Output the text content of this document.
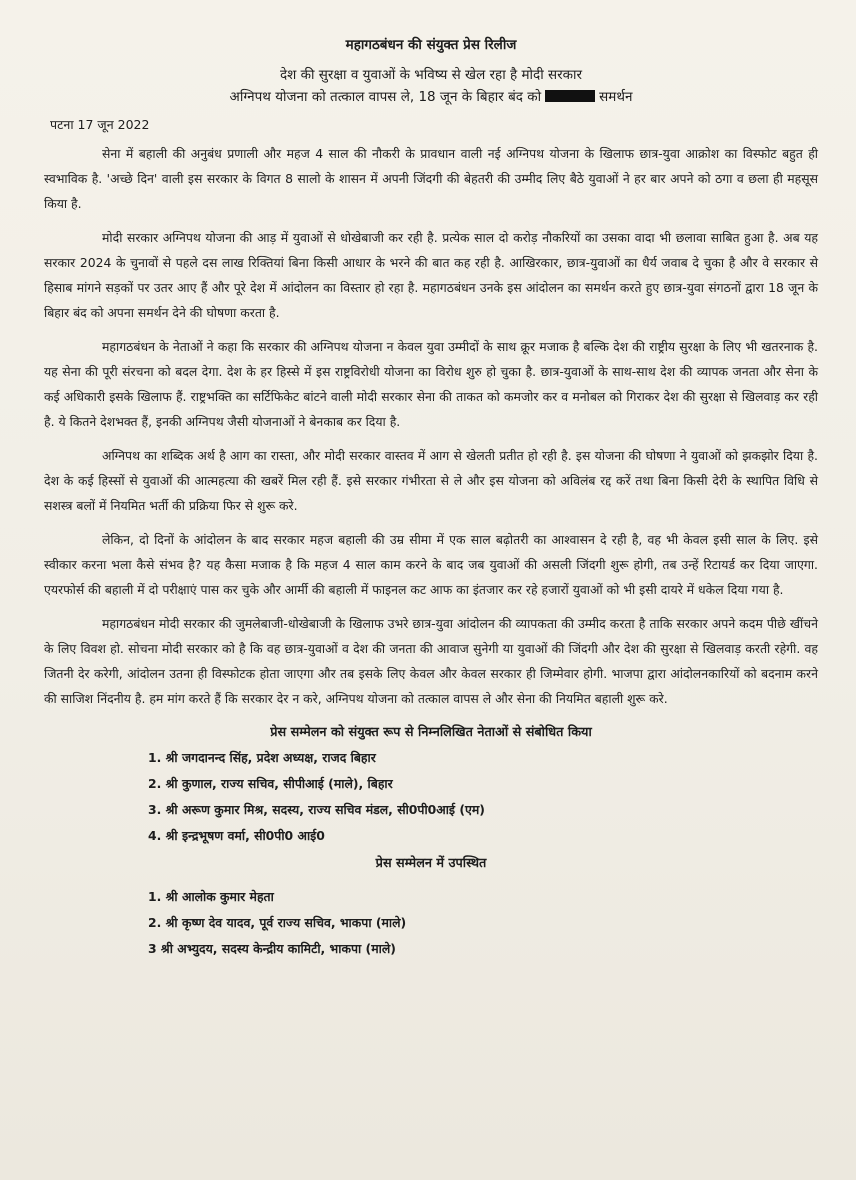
महागठबंधन की संयुक्त प्रेस रिलीज
देश की सुरक्षा व युवाओं के भविष्य से खेल रहा है मोदी सरकार
अग्निपथ योजना को तत्काल वापस ले, 18 जून के बिहार बंद को	समर्थन
पटना 17 जून 2022

सेना में बहाली की अनुबंध प्रणाली और महज 4 साल की नौकरी के प्रावधान वाली नई अग्निपथ योजना के खिलाफ छात्र-युवा आक्रोश का विस्फोट बहुत ही स्वभाविक है. 'अच्छे दिन' वाली इस सरकार के विगत 8 सालो के शासन में अपनी जिंदगी की बेहतरी की उम्मीद लिए बैठे युवाओं ने हर बार अपने को ठगा व छला ही महसूस किया है.

मोदी सरकार अग्निपथ योजना की आड़ में युवाओं से धोखेबाजी कर रही है. प्रत्येक साल दो करोड़ नौकरियों का उसका वादा भी छलावा साबित हुआ है. अब यह सरकार 2024 के चुनावों से पहले दस लाख रिक्तियां बिना किसी आधार के भरने की बात कह रही है. आखिरकार, छात्र-युवाओं का धैर्य जवाब दे चुका है और वे सरकार से हिसाब मांगने सड़कों पर उतर आए हैं और पूरे देश में आंदोलन का विस्तार हो रहा है. महागठबंधन उनके इस आंदोलन का समर्थन करते हुए छात्र-युवा संगठनों द्वारा 18 जून के बिहार बंद को अपना समर्थन देने की घोषणा करता है.

महागठबंधन के नेताओं ने कहा कि सरकार की अग्निपथ योजना न केवल युवा उम्मीदों के साथ क्रूर मजाक है बल्कि देश की राष्ट्रीय सुरक्षा के लिए भी खतरनाक है. यह सेना की पूरी संरचना को बदल देगा. देश के हर हिस्से में इस राष्ट्रविरोधी योजना का विरोध शुरु हो चुका है. छात्र-युवाओं के साथ-साथ देश की व्यापक जनता और सेना के कई अधिकारी इसके खिलाफ हैं. राष्ट्रभक्ति का सर्टिफिकेट बांटने वाली मोदी सरकार सेना की ताकत को कमजोर कर व मनोबल को गिराकर देश की सुरक्षा से खिलवाड़ कर रही है. ये कितने देशभक्त हैं, इनकी अग्निपथ जैसी योजनाओं ने बेनकाब कर दिया है.

अग्निपथ का शब्दिक अर्थ है आग का रास्ता, और मोदी सरकार वास्तव में आग से खेलती प्रतीत हो रही है. इस योजना की घोषणा ने युवाओं को झकझोर दिया है. देश के कई हिस्सों से युवाओं की आत्महत्या की खबरें मिल रही हैं. इसे सरकार गंभीरता से ले और इस योजना को अविलंब रद्द करें तथा बिना किसी देरी के स्थापित विधि से सशस्त्र बलों में नियमित भर्ती की प्रक्रिया फिर से शुरू करे.

लेकिन, दो दिनों के आंदोलन के बाद सरकार महज बहाली की उम्र सीमा में एक साल बढ़ोतरी का आश्वासन दे रही है, वह भी केवल इसी साल के लिए. इसे स्वीकार करना भला कैसे संभव है? यह कैसा मजाक है कि महज 4 साल काम करने के बाद जब युवाओं की असली जिंदगी शुरू होगी, तब उन्हें रिटायर्ड कर दिया जाएगा. एयरफोर्स की बहाली में दो परीक्षाएं पास कर चुके और आर्मी की बहाली में फाइनल कट आफ का इंतजार कर रहे हजारों युवाओं को भी इसी दायरे में धकेल दिया गया है.

महागठबंधन मोदी सरकार की जुमलेबाजी-धोखेबाजी के खिलाफ उभरे छात्र-युवा आंदोलन की व्यापकता की उम्मीद करता है ताकि सरकार अपने कदम पीछे खींचने के लिए विवश हो. सोचना मोदी सरकार को है कि वह छात्र-युवाओं व देश की जनता की आवाज सुनेगी या युवाओं की जिंदगी और देश की सुरक्षा से खिलवाड़ करती रहेगी. वह जितनी देर करेगी, आंदोलन उतना ही विस्फोटक होता जाएगा और तब इसके लिए केवल और केवल सरकार ही जिम्मेवार होगी. भाजपा द्वारा आंदोलनकारियों को बदनाम करने की साजिश निंदनीय है. हम मांग करते हैं कि सरकार देर न करे, अग्निपथ योजना को तत्काल वापस ले और सेना की नियमित बहाली शुरू करे.

प्रेस सम्मेलन को संयुक्त रूप से निम्नलिखित नेताओं से संबोधित किया
1. श्री जगदानन्द सिंह, प्रदेश अध्यक्ष, राजद बिहार
2. श्री कुणाल, राज्य सचिव, सीपीआई (माले), बिहार
3. श्री अरूण कुमार मिश्र, सदस्य, राज्य सचिव मंडल, सी0पी0आई (एम)
4. श्री इन्द्रभूषण वर्मा, सी0पी0 आई0
प्रेस सम्मेलन में उपस्थित
1. श्री आलोक कुमार मेहता
2. श्री कृष्ण देव यादव, पूर्व राज्य सचिव, भाकपा (माले)
3 श्री अभ्युदय, सदस्य केन्द्रीय कामिटी, भाकपा (माले)
